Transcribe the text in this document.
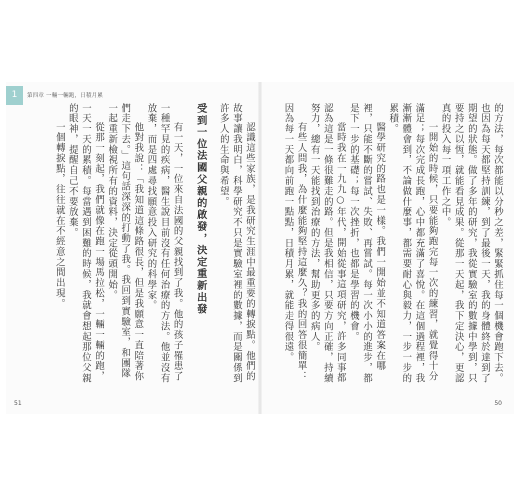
1	第四章 一輛一輛跑，日積月累

的方法，每次都能以分秒之差，緊緊抓住每一個機會跑下去。也因為每天都堅持訓練，到了最後一天，我的身體終於達到了期望的狀態。做了多年的研究，我從實驗室的數據中學到，只要持之以恆，就能看見成果。從那一天起，我下定決心，更認真的投入每一項工作之中。

一開始的時候，只要能夠跑完每一次的練習，就覺得十分滿足；每次完成長跑，心中都充滿了喜悅。在這個過程裡，我漸漸體會到，不論做什麼事，都需要耐心與毅力，一步一步的累積。

醫學研究的路也是一樣。我們一開始並不知道答案在哪裡，只能不斷的嘗試、失敗、再嘗試。每一次小小的進步，都是下一步的基礎；每一次挫折，也都是學習的機會。

當時我在一九九○年代，開始從事這項研究，許多同事都認為這是一條很難走的路。但是我相信，只要方向正確，持續努力，總有一天能找到治療的方法，幫助更多的病人。

有些人問我，為什麼能夠堅持這麼久？我的回答很簡單：因為每一天都向前跑一點點，日積月累，就能走得很遠。

認識這些家族，是我研究生涯中最重要的轉捩點。他們的故事讓我明白，科學研究不只是實驗室裡的數據，而是關係到許多人的生命與希望。

受到一位法國父親的啟發，決定重新出發

有一天，一位來自法國的父親找到了我。他的孩子罹患了一種罕見的疾病，醫生說目前沒有任何治療的方法。他並沒有放棄，而是四處尋找願意投入研究的科學家。

他對我說：「我知道這條路很長，但是我願意一直陪著你們走下去。」這句話深深的打動了我。我回到實驗室，和團隊一起重新檢視所有的資料，決定從頭開始。

從那一刻起，我們就像在跑一場馬拉松，一輛一輛的跑，一天一天的累積。每當遇到困難的時候，我就會想起那位父親的眼神，提醒自己不要放棄。

一個轉捩點，往往就在不經意之間出現。

51	50
